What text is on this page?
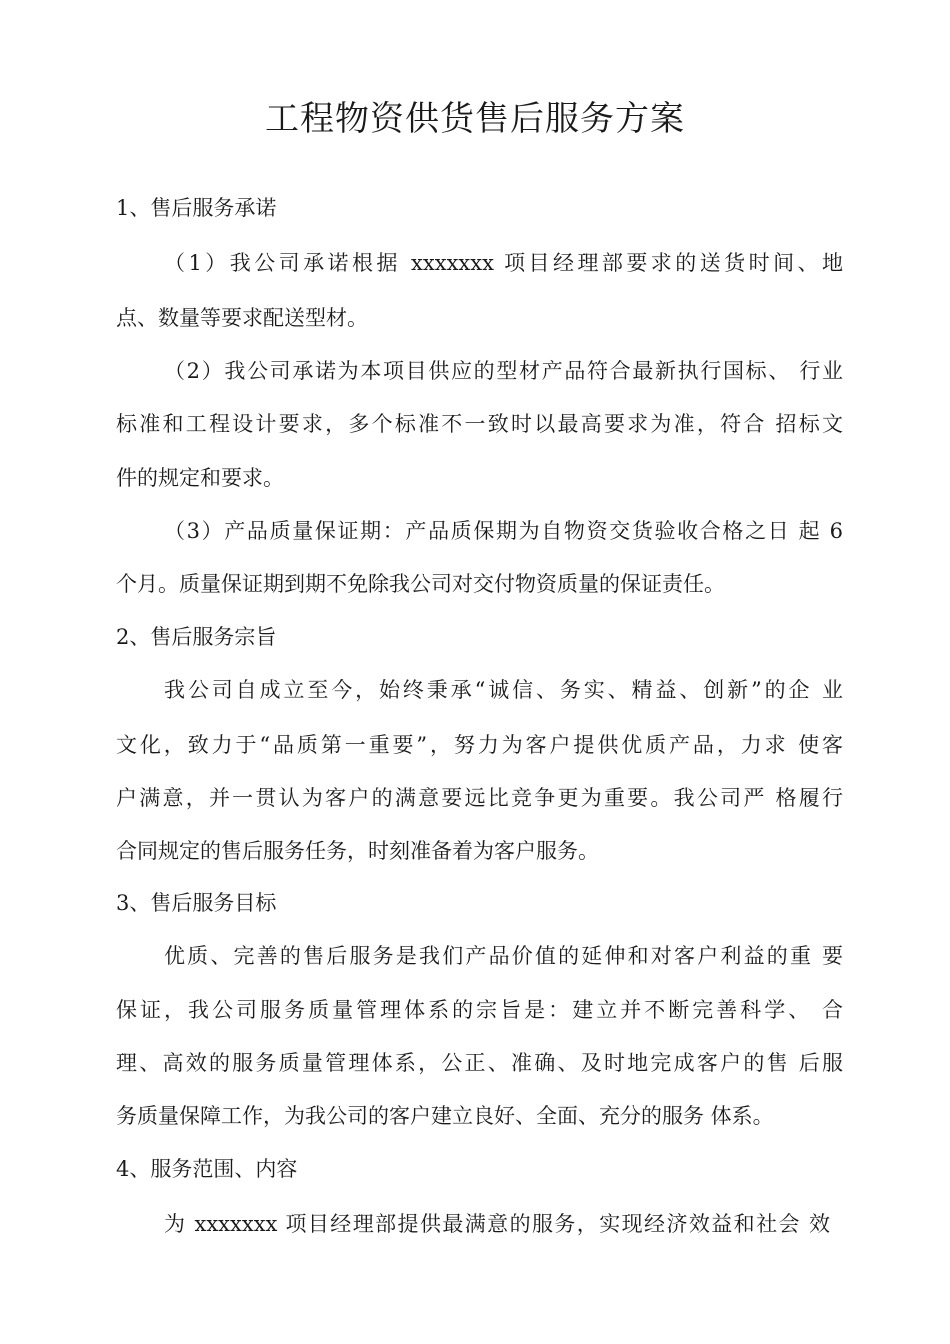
工程物资供货售后服务方案

1、售后服务承诺

（1）我公司承诺根据 xxxxxxx 项目经理部要求的送货时间、地

点、数量等要求配送型材。

（2）我公司承诺为本项目供应的型材产品符合最新执行国标、 行业

标准和工程设计要求，多个标准不一致时以最高要求为准，符合 招标文

件的规定和要求。

（3）产品质量保证期：产品质保期为自物资交货验收合格之日 起 6

个月。质量保证期到期不免除我公司对交付物资质量的保证责任。

2、售后服务宗旨

我公司自成立至今，始终秉承“诚信、务实、精益、创新”的企 业

文化，致力于“品质第一重要”，努力为客户提供优质产品，力求 使客

户满意，并一贯认为客户的满意要远比竞争更为重要。我公司严 格履行

合同规定的售后服务任务，时刻准备着为客户服务。

3、售后服务目标

优质、完善的售后服务是我们产品价值的延伸和对客户利益的重 要

保证，我公司服务质量管理体系的宗旨是：建立并不断完善科学、 合

理、高效的服务质量管理体系，公正、准确、及时地完成客户的售 后服

务质量保障工作，为我公司的客户建立良好、全面、充分的服务 体系。

4、服务范围、内容

为 xxxxxxx 项目经理部提供最满意的服务，实现经济效益和社会 效
